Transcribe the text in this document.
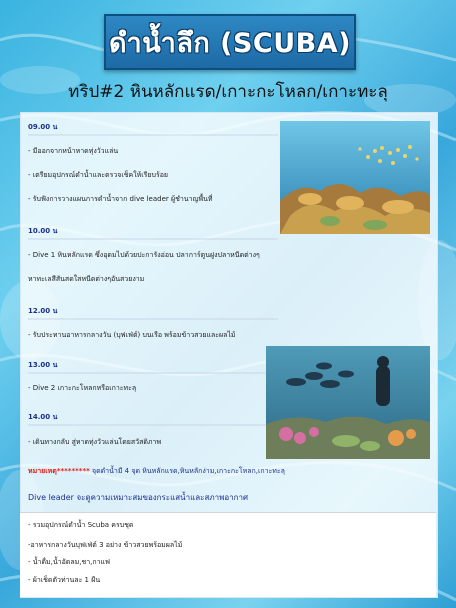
ดำน้ำลึก (SCUBA)
ทริป#2 หินหลักแรด/เกาะกะโหลก/เกาะทะลุ
09.00 น
- มีออกจากหน้าหาดทุ่งวัวแล่น
- เตรียมอุปกรณ์ดำน้ำและตรวจเช็คให้เรียบร้อย
- รับฟังการวางแผนการดำน้ำจาก dive leader ผู้ชำนาญพื้นที่
10.00 น
- Dive 1 หินหลักแรด ซึ่งอุดมไปด้วยปะการังอ่อน ปลาการ์ตูนฝูงปลาหนีดต่างๆ
หาทะเลสีสันสดใสหนีดต่างๆอันสวยงาม
12.00 น
- รับประทานอาหารกลางวัน (บุฟเฟ่ต์) บนเรือ พร้อมข้าวสวยและผลไม้
13.00 น
- Dive 2 เกาะกะโหลกหรือเกาะทะลุ
14.00 น
- เดินทางกลับ สู่หาดทุ่งวัวแล่นโดยสวัสดิภาพ
หมายเหตุ********* จุดดำน้ำมี 4 จุด หินหลักแรด,หินหลักง่าม,เกาะกะโหลก,เกาะทะลุ
Dive leader จะดูความเหมาะสมของกระแสน้ำและสภาพอากาศ
- รวมอุปกรณ์ดำน้ำ Scuba ครบชุด
-อาหารกลางวันบุฟเฟ่ต์ 3 อย่าง ข้าวสวยพร้อมผลไม้
- น้ำดื่ม,น้ำอัดลม,ชา,กาแฟ
- ผ้าเช็ดตัวท่านละ 1 ผืน
